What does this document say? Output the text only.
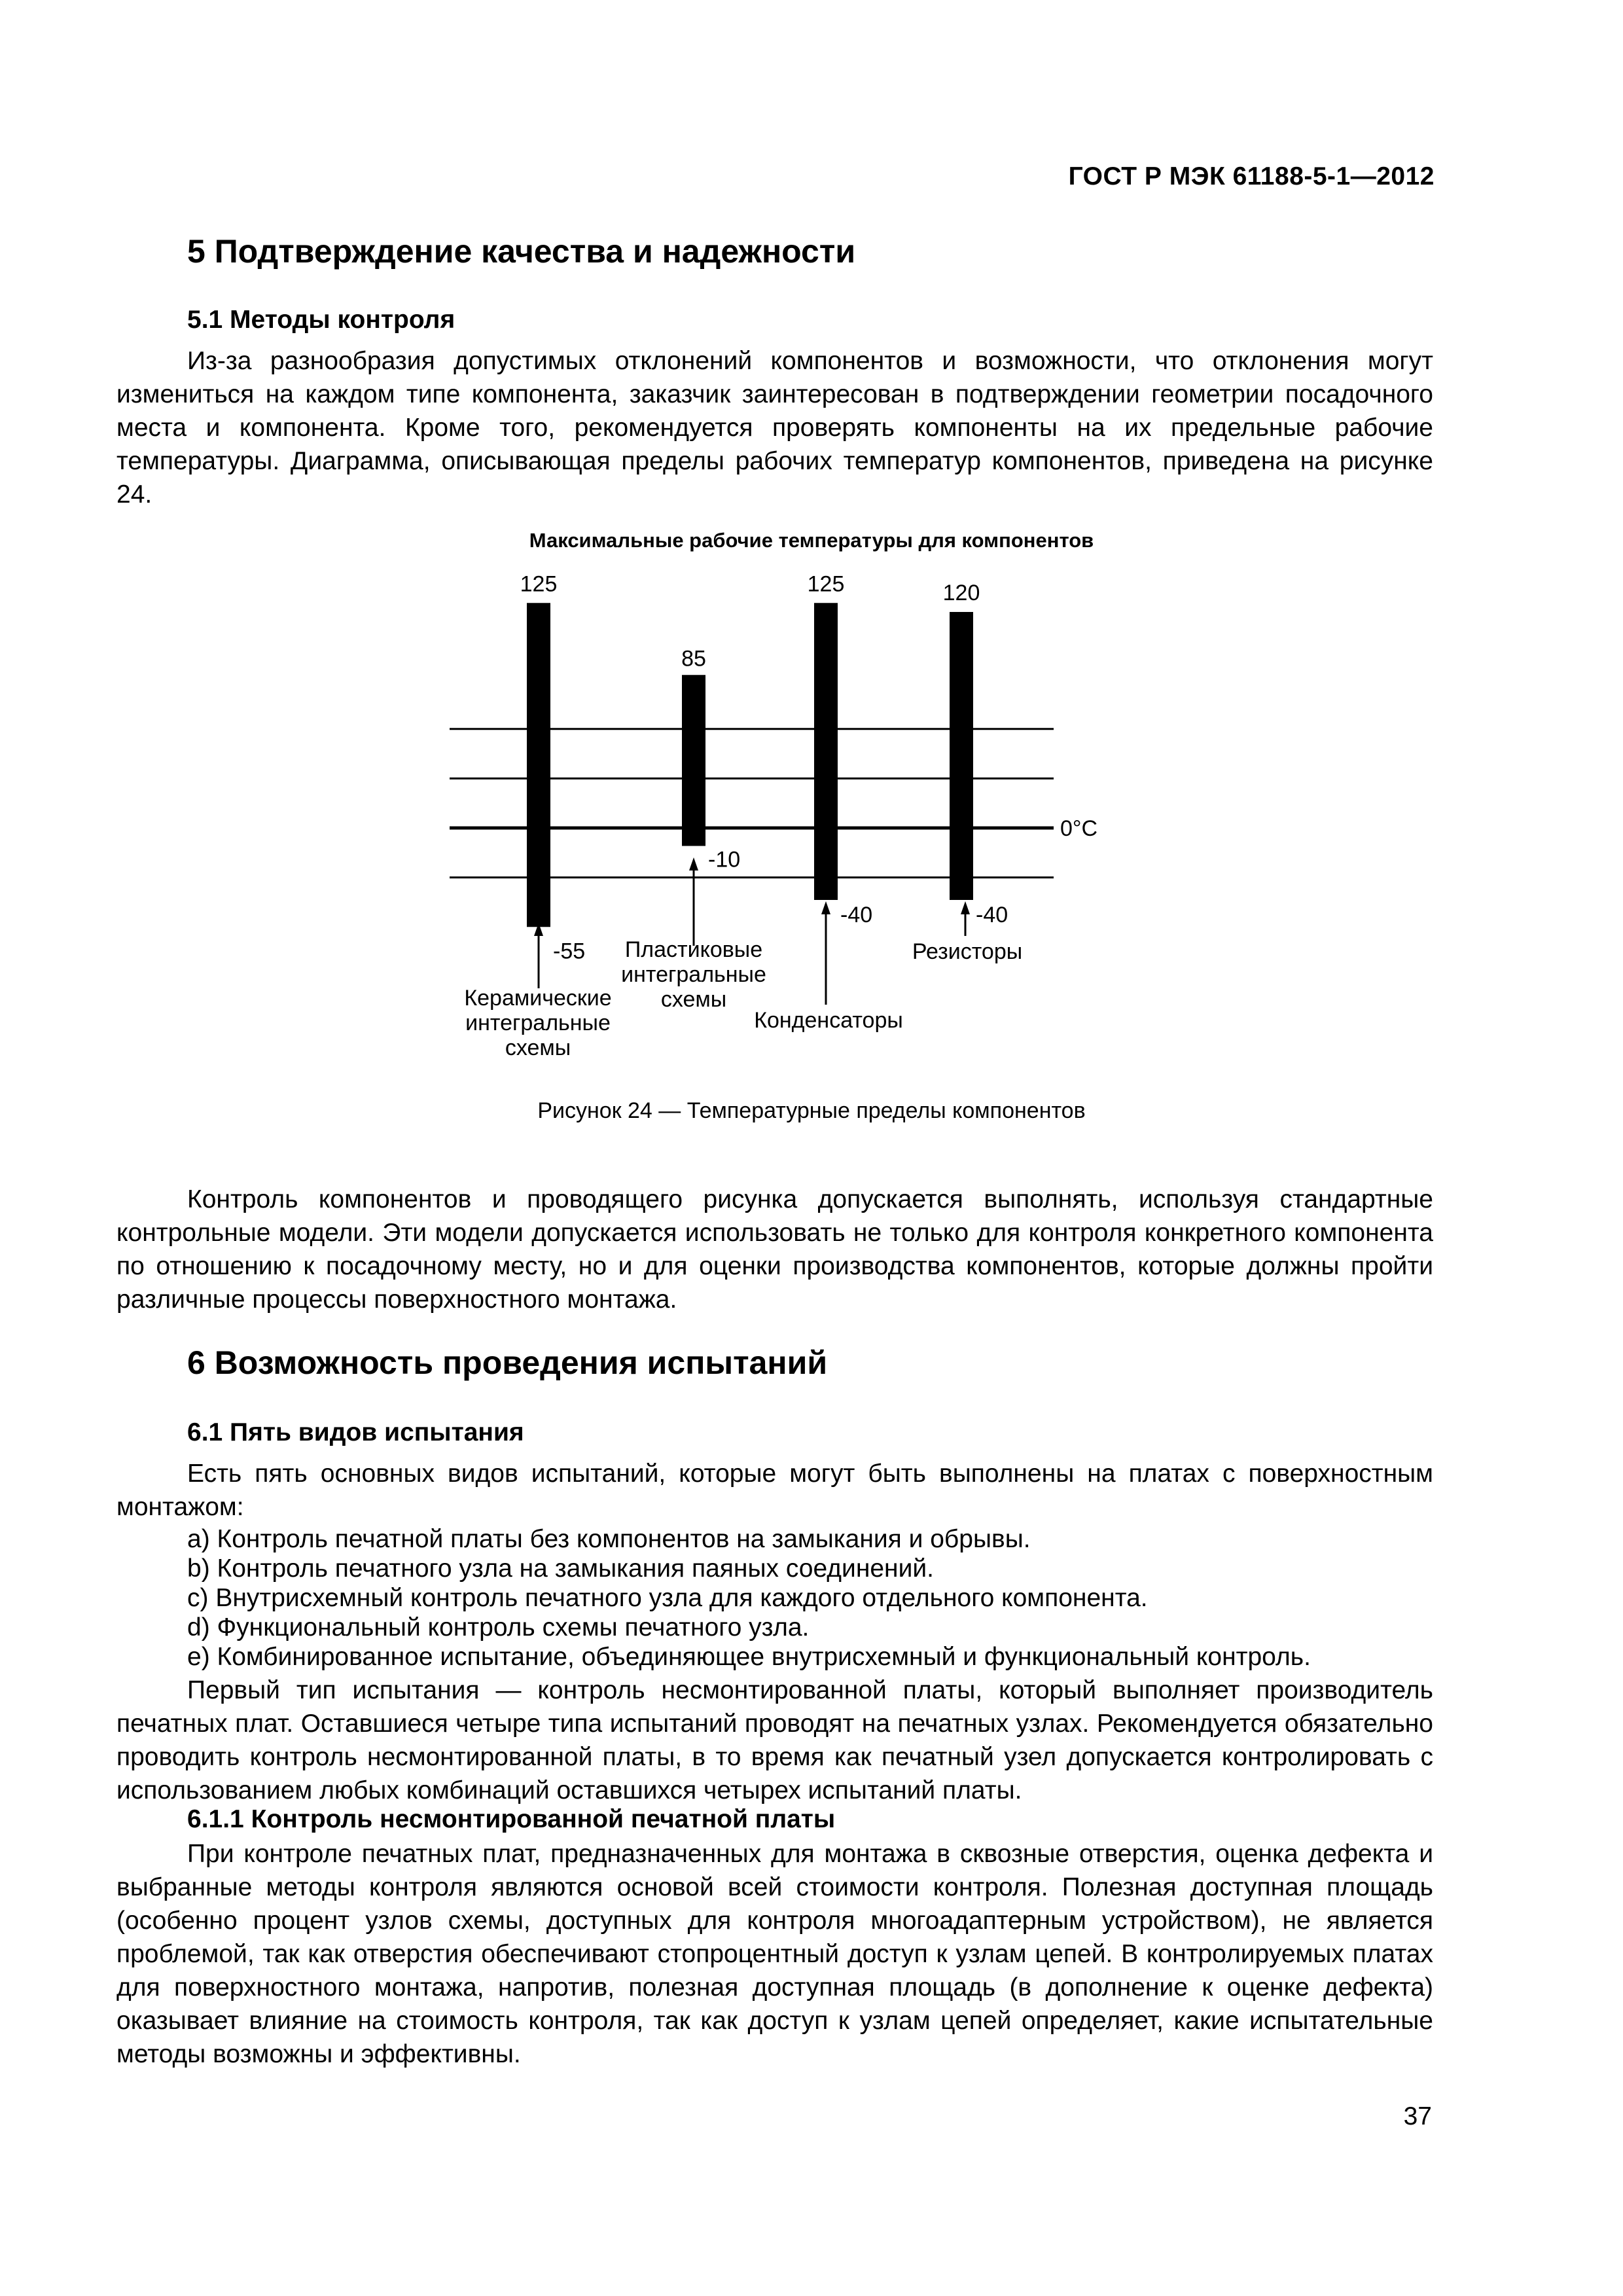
ГОСТ Р МЭК 61188-5-1—2012
5 Подтверждение качества и надежности
5.1 Методы контроля

Из-за разнообразия допустимых отклонений компонентов и возможности, что отклонения могут измениться на каждом типе компонента, заказчик заинтересован в подтверждении геометрии посадочного места и компонента. Кроме того, рекомендуется проверять компоненты на их предельные рабочие температуры. Диаграмма, описывающая пределы рабочих температур компонентов, приведена на рисунке 24.

Максимальные рабочие температуры для компонентов
0°C
125
-55
85
-10
125
-40
120
-40
Керамические
интегральные
схемы
Пластиковые
интегральные
схемы
Конденсаторы
Резисторы
Рисунок 24 — Температурные пределы компонентов

Контроль компонентов и проводящего рисунка допускается выполнять, используя стандартные контрольные модели. Эти модели допускается использовать не только для контроля конкретного компонента по отношению к посадочному месту, но и для оценки производства компонентов, которые должны пройти различные процессы поверхностного монтажа.

6 Возможность проведения испытаний
6.1 Пять видов испытания

Есть пять основных видов испытаний, которые могут быть выполнены на платах с поверхностным монтажом:

а) Контроль печатной платы без компонентов на замыкания и обрывы.
b) Контроль печатного узла на замыкания паяных соединений.
с) Внутрисхемный контроль печатного узла для каждого отдельного компонента.
d) Функциональный контроль схемы печатного узла.
е) Комбинированное испытание, объединяющее внутрисхемный и функциональный контроль.

Первый тип испытания — контроль несмонтированной платы, который выполняет производитель печатных плат. Оставшиеся четыре типа испытаний проводят на печатных узлах. Рекомендуется обязательно проводить контроль несмонтированной платы, в то время как печатный узел допускается контролировать с использованием любых комбинаций оставшихся четырех испытаний платы.

6.1.1 Контроль несмонтированной печатной платы

При контроле печатных плат, предназначенных для монтажа в сквозные отверстия, оценка дефекта и выбранные методы контроля являются основой всей стоимости контроля. Полезная доступная площадь (особенно процент узлов схемы, доступных для контроля многоадаптерным устройством), не является проблемой, так как отверстия обеспечивают стопроцентный доступ к узлам цепей. В контролируемых платах для поверхностного монтажа, напротив, полезная доступная площадь (в дополнение к оценке дефекта) оказывает влияние на стоимость контроля, так как доступ к узлам цепей определяет, какие испытательные методы возможны и эффективны.

37
